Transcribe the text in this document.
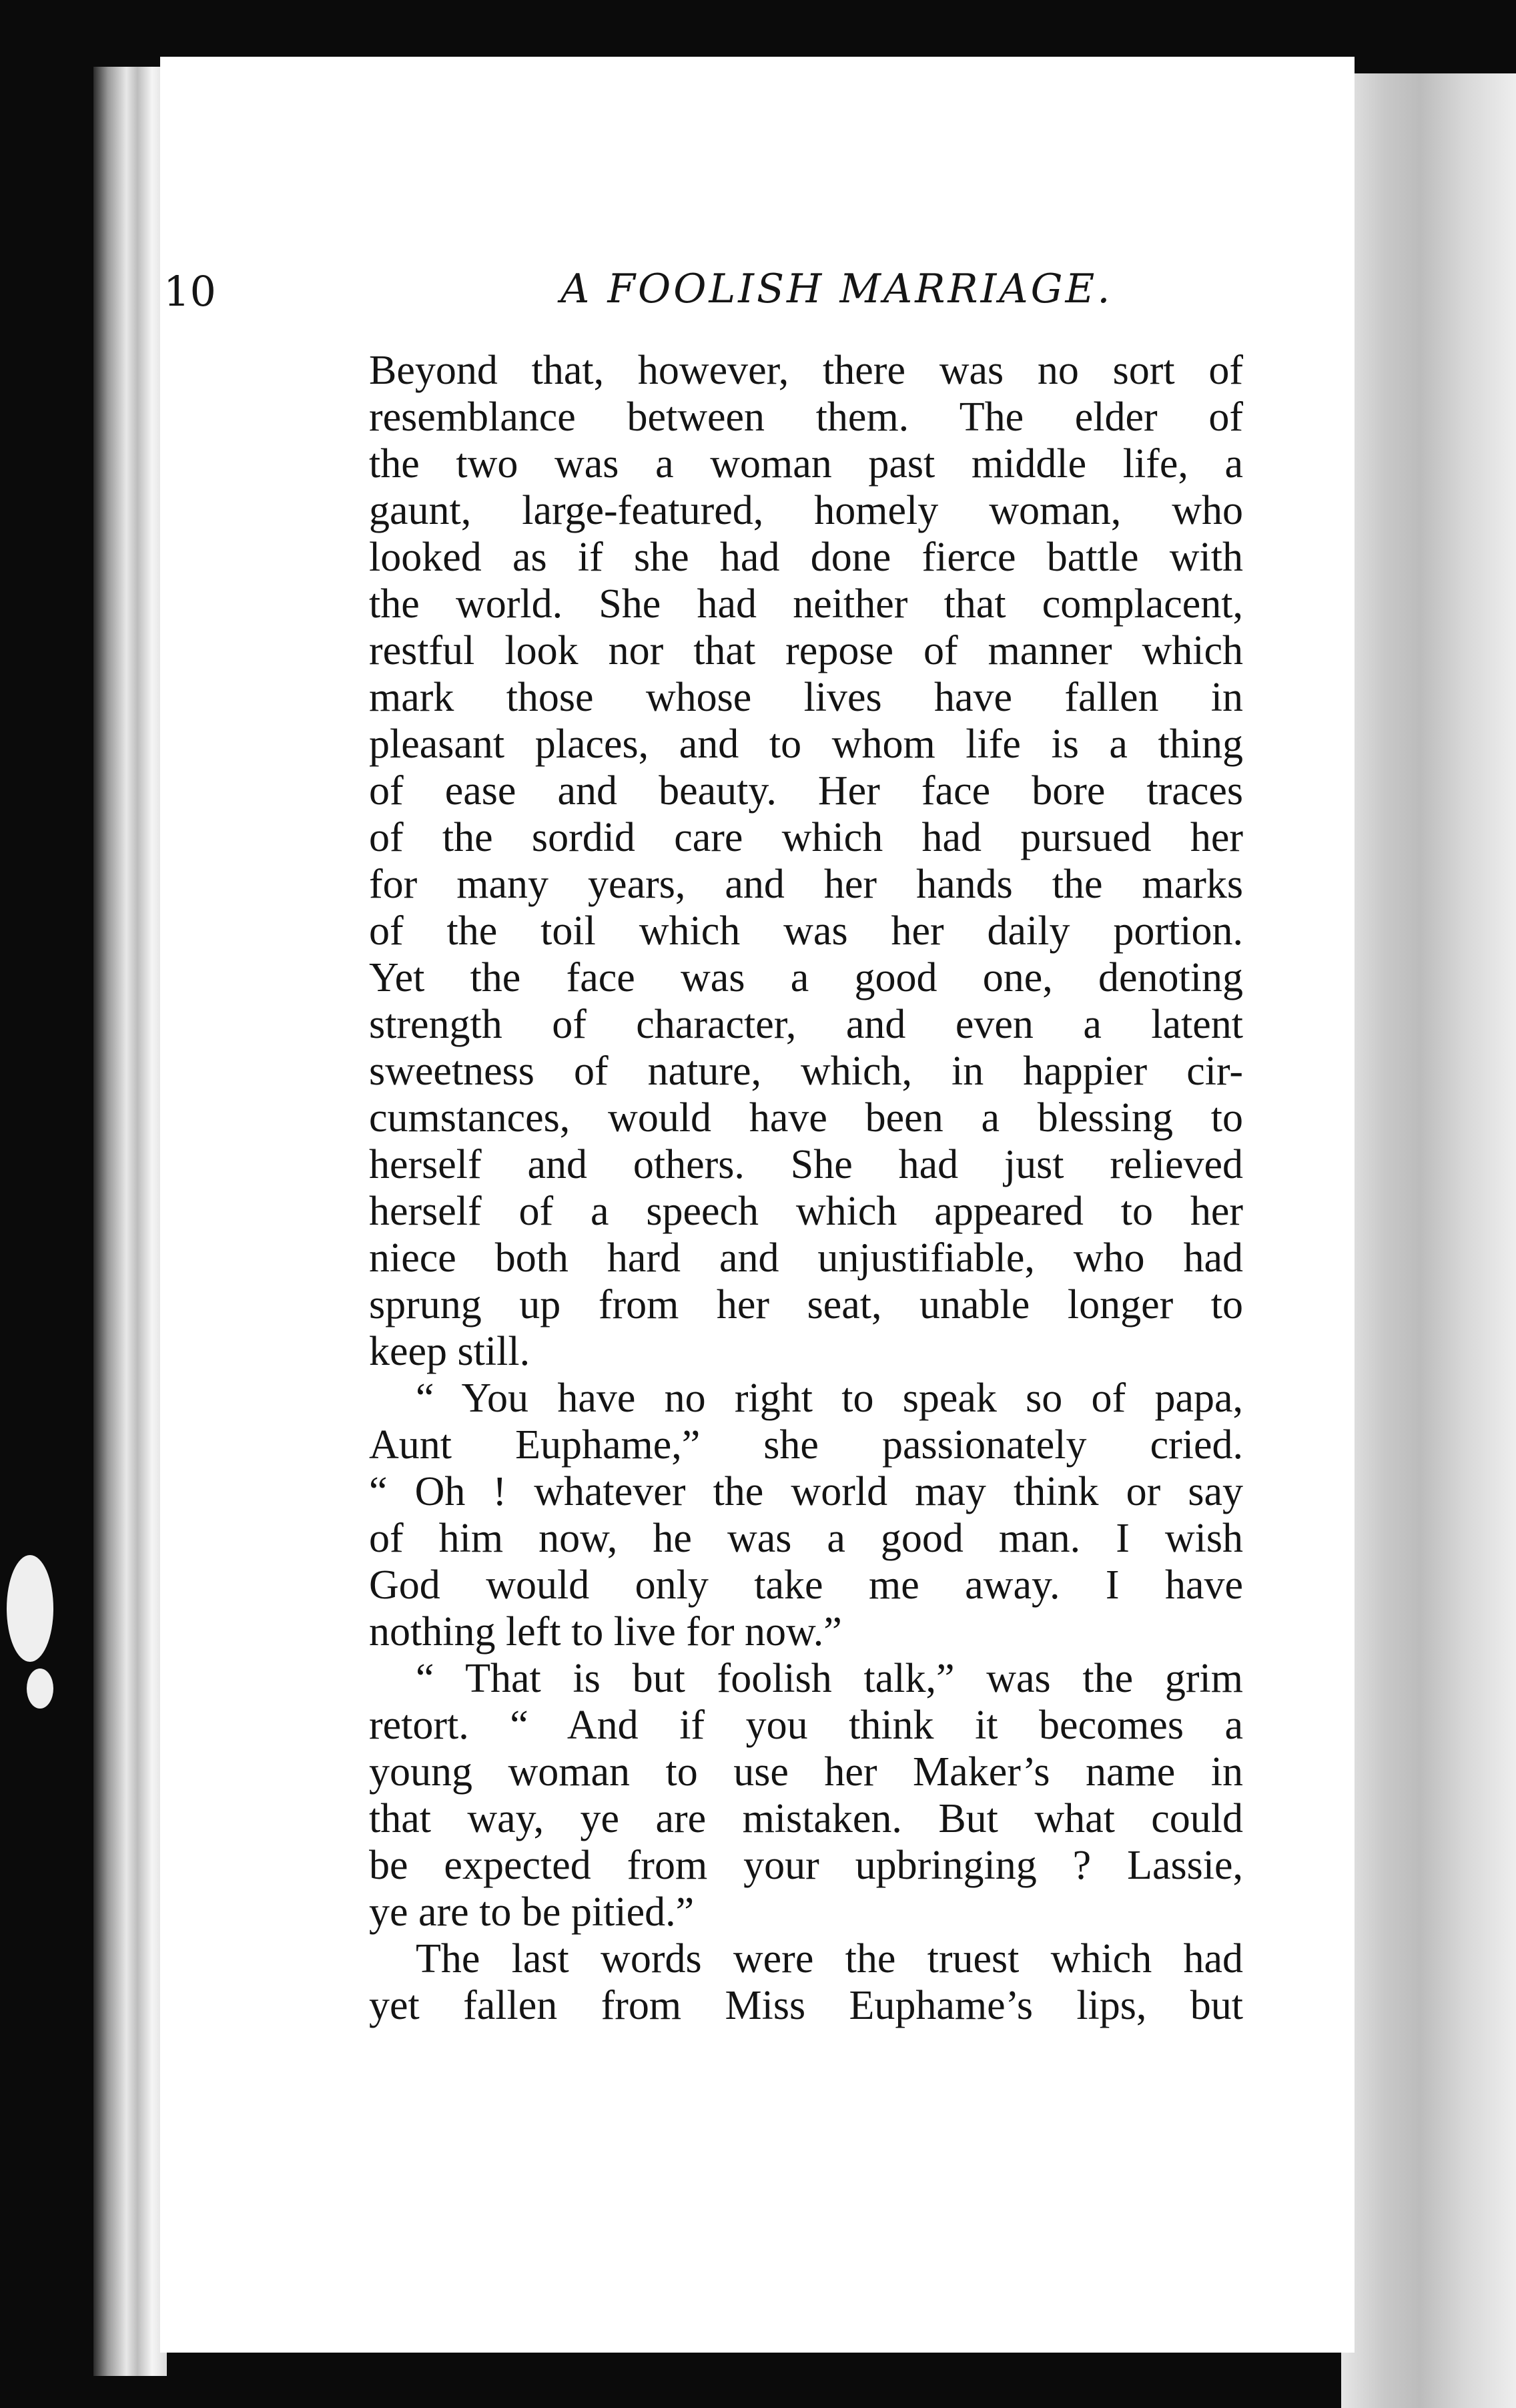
10	A FOOLISH MARRIAGE.
Beyond that, however, there was no sort of
resemblance between them. The elder of
the two was a woman past middle life, a
gaunt, large-featured, homely woman, who
looked as if she had done fierce battle with
the world. She had neither that complacent,
restful look nor that repose of manner which
mark those whose lives have fallen in
pleasant places, and to whom life is a thing
of ease and beauty. Her face bore traces
of the sordid care which had pursued her
for many years, and her hands the marks
of the toil which was her daily portion.
Yet the face was a good one, denoting
strength of character, and even a latent
sweetness of nature, which, in happier cir-
cumstances, would have been a blessing to
herself and others. She had just relieved
herself of a speech which appeared to her
niece both hard and unjustifiable, who had
sprung up from her seat, unable longer to
keep still.
“ You have no right to speak so of papa,
Aunt Euphame,” she passionately cried.
“ Oh ! whatever the world may think or say
of him now, he was a good man. I wish
God would only take me away. I have
nothing left to live for now.”
“ That is but foolish talk,” was the grim
retort. “ And if you think it becomes a
young woman to use her Maker’s name in
that way, ye are mistaken. But what could
be expected from your upbringing ? Lassie,
ye are to be pitied.”
The last words were the truest which had
yet fallen from Miss Euphame’s lips, but
